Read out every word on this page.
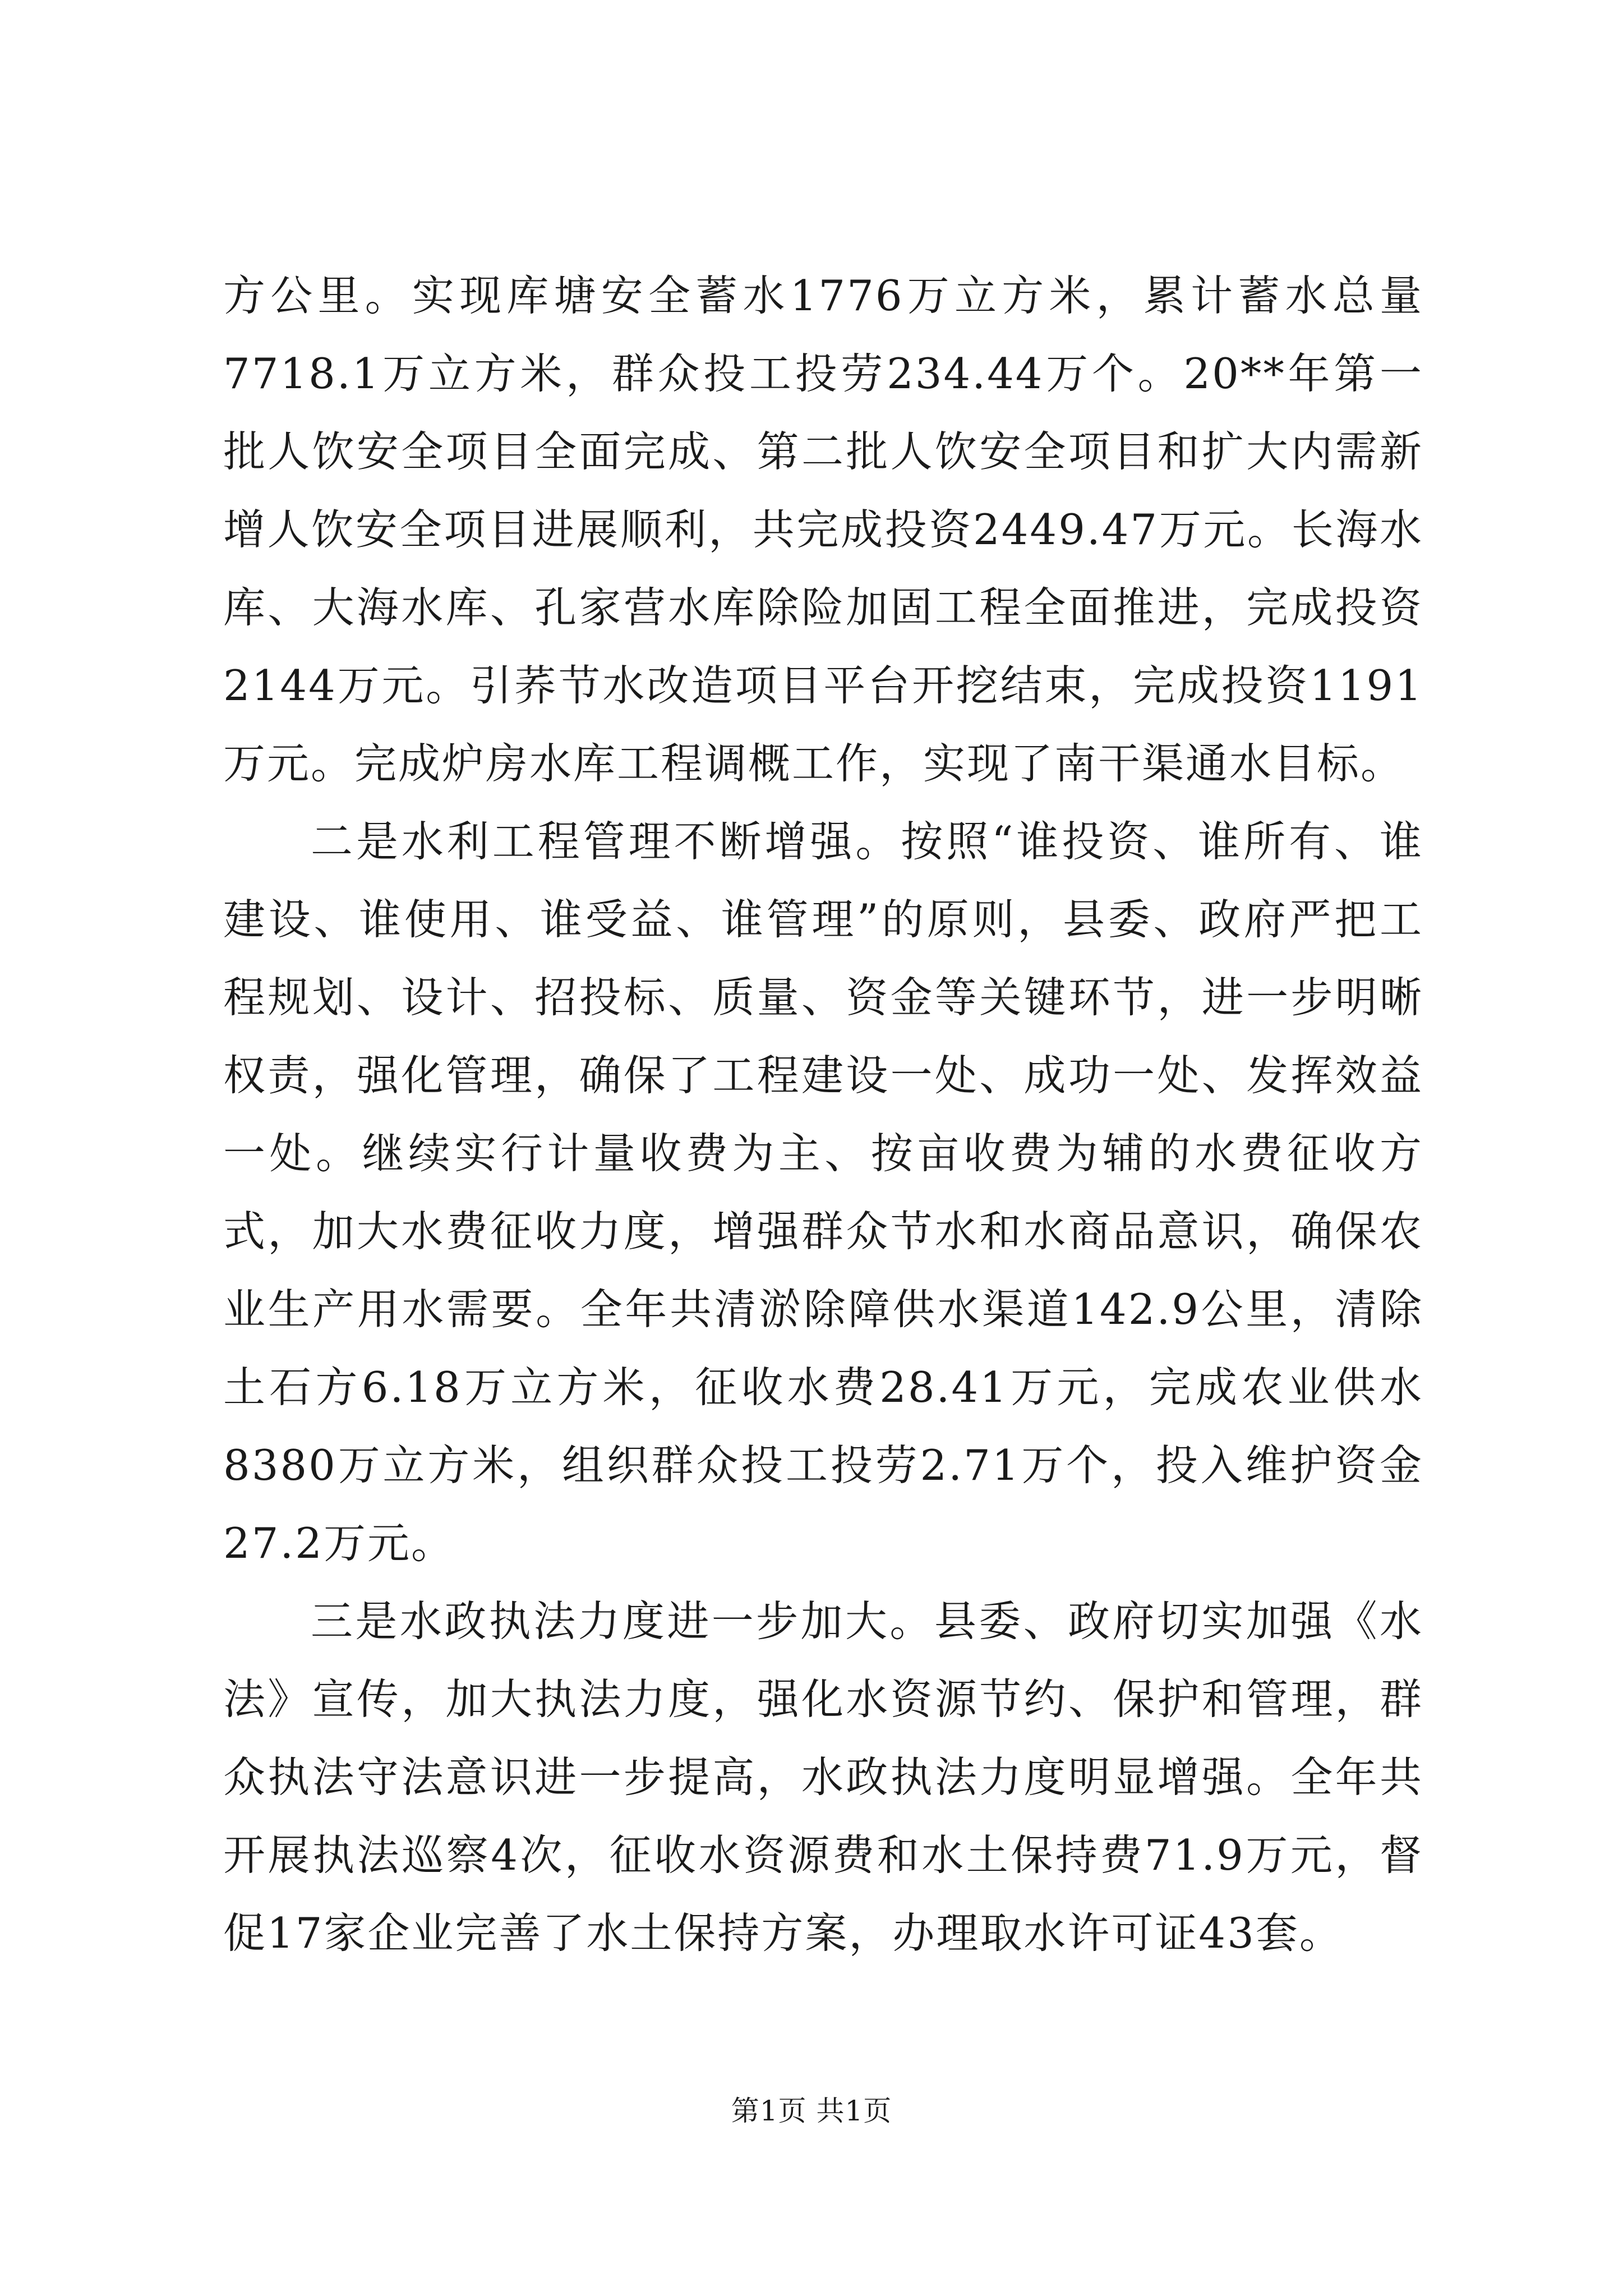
方公里。实现库塘安全蓄水1776万立方米，累计蓄水总量7718.1万立方米，群众投工投劳234.44万个。20**年第一批人饮安全项目全面完成、第二批人饮安全项目和扩大内需新增人饮安全项目进展顺利，共完成投资2449.47万元。长海水库、大海水库、孔家营水库除险加固工程全面推进，完成投资2144万元。引荞节水改造项目平台开挖结束，完成投资1191万元。完成炉房水库工程调概工作，实现了南干渠通水目标。

二是水利工程管理不断增强。按照“谁投资、谁所有、谁建设、谁使用、谁受益、谁管理”的原则，县委、政府严把工程规划、设计、招投标、质量、资金等关键环节，进一步明晰权责，强化管理，确保了工程建设一处、成功一处、发挥效益一处。继续实行计量收费为主、按亩收费为辅的水费征收方式，加大水费征收力度，增强群众节水和水商品意识，确保农业生产用水需要。全年共清淤除障供水渠道142.9公里，清除土石方6.18万立方米，征收水费28.41万元，完成农业供水8380万立方米，组织群众投工投劳2.71万个，投入维护资金27.2万元。

三是水政执法力度进一步加大。县委、政府切实加强《水法》宣传，加大执法力度，强化水资源节约、保护和管理，群众执法守法意识进一步提高，水政执法力度明显增强。全年共开展执法巡察4次，征收水资源费和水土保持费71.9万元，督促17家企业完善了水土保持方案，办理取水许可证43套。

第1页 共1页
